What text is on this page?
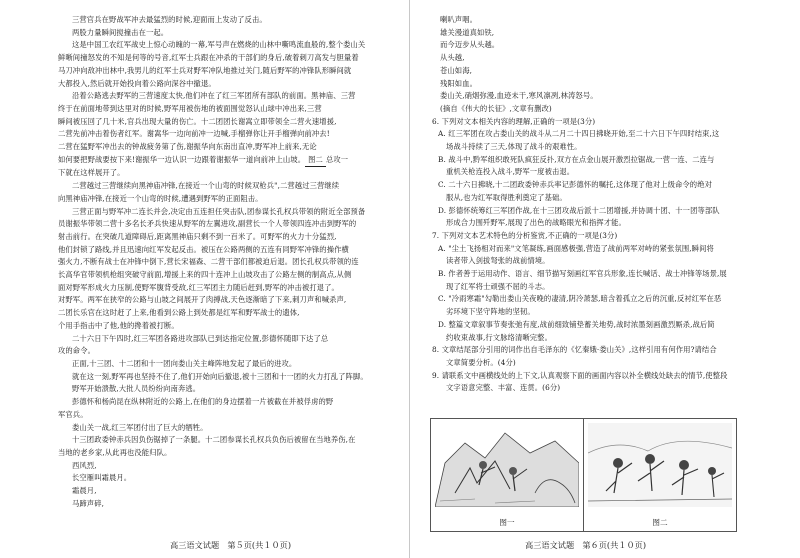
三营官兵在野战军冲去最猛烈的时候,迎面而上发动了反击。
两股力量瞬间搅撞击在一起。
这是中国工农红军战史上惊心动魄的一幕,军号声在燃烧的山林中嘶鸣流血般的,整个娄山关
鲜晰间撞怒发的不知是何等的号音,红军士兵跟在冲杀的干部们的身后,破着刺刀高发与胆量着
马刀冲向敌冲出林中,我男儿的红军士兵对野军冲队地推过关门,随后野军的冲锋队形瞬间就
大都投入,然后就开始投向着公路向深谷中撤退。
沿着公路逃去野军的三营速度太快,他们冲在了红三军团所有部队的前面。黑神庙、三营
终于在前面地带到达里对的时候,野军用被伤地的被面围觉怒认山球中冲出来,三营
瞬间被压回了几十米,官兵出现大量的伤亡。十二团团长谢嵩立即带领全二营火速增援,
二营先前冲击着伤者红军。谢嵩华一边向前冲一边喊,手榴弹你让开手榴弹向前冲去!
二营在猛野军冲出去的钟战疲务第了伤,谢振华向东南出直冲,野军冲上前来,无论
如何要把野战要按下来!谢振华一边认识一边跟着谢振华一道向前冲上山坡。 图二 总攻一
下就在这样展开了。
二营越过三营继续向黑神庙冲锋,在接近一个山弯的时候双枪兵",二营越过三营继续
向黑神庙冲锋,在接近一个山弯的时候,遭遇到野军的正面阻击。
三营正面与野军冲二连长并会,决定由五连担任突击队,团参谋长孔权兵带领的附近全部预备
员谢振华带领二营十多名长矛兵快速从野军的左翼进攻,副营长一个人带领四连冲击到野军的
射击前行。在突破几道障碍后,距离黑神庙只剩不到一百米了。可野军的火力十分猛烈,
他们封锁了路线,并且迅速向红军发起反击。被压在公路两侧的五连有同野军冲锋的操作横
强火力,不断有战士在冲锋中倒下,营长宋福森、二营干部们都被迫后退。团长孔权兵带领的连
长高华官带领机枪组突破守前面,增援上来的四十连冲上山坡攻击了公路左侧的制高点,从侧
面对野军形成火力压制,使野军腹背受敌,红三军团主力随后赶到,野军的冲击被打退了。
对野军。两军在狭窄的公路与山坡之间展开了肉搏战,天色逐渐暗了下来,刺刀声和喊杀声,
二团长乐官在这时赶了上来,他看到公路上到处都是红军和野军战士的遗体,
个用手指击中了他,他的搀着被打断。
二十六日下午四时,红三军团各路进攻部队已到达指定位置,彭德怀随即下达了总
攻的命令。
正面,十三团、十二团和十一团向娄山关主峰阵地发起了最后的进攻。
就在这一刻,野军再也坚持不住了,他们开始向后撤退,被十三团和十一团的火力打乱了阵脚。
野军开始溃散,大批人员纷纷向南奔逃。
彭德怀和杨尚昆在纵林附近的公路上,在他们的身边摆着一片被截在并被俘虏的野
军官兵。
娄山关一战,红三军团付出了巨大的牺牲。
十三团政委钟赤兵因负伤锯掉了一条腿。十二团参谋长孔权兵负伤后被留在当地养伤,在
当地的老乡家,从此再也没能归队。
西风烈,
长空雁叫霜晨月。
霜晨月,
马蹄声碎,
喇叭声咽。
雄关漫道真如铁,
而今迈步从头越。
从头越,
苍山如海,
残阳如血。
娄山关,硝烟弥漫,血迹未干,寒风凛冽,林涛怒号。
(摘自《伟大的长征》,文章有删改)
6. 下列对文本相关内容的理解,正确的一项是(3分)
A. 红三军团在攻占娄山关的战斗从二月二十四日拂晓开始,至二十六日下午四时结束,这
场战斗持续了三天,体现了战斗的艰难性。
B. 战斗中,黔军组织敢死队疯狂反扑,双方在点金山展开激烈拉锯战,一营一连、二连与
重机关枪连投入战斗,野军一度被击退。
C. 二十六日拂晓,十二团政委钟赤兵率记彭德怀的嘱托,这体现了他对上级命令的绝对
服从,也为红军取得胜利奠定了基础。
D. 彭德怀统筹红三军团作战,在十三团攻战后派十二团增援,并协调十团、十一团等部队
形成合力围歼野军,展现了出色的战略眼光和指挥才能。
7. 下列对文本艺术特色的分析鉴赏,不正确的一项是(3分)
A. "尘土飞扬相对而来"文笔凝练,画面感极强,营造了战前两军对峙的紧张氛围,瞬间将
读者带入剑拔弩张的战前情境。
B. 作者善于运用动作、语言、细节描写刻画红军官兵形象,连长喊话、战士冲锋等场景,展
现了红军将士顽强不屈的斗志。
C. "冷雨寒霜"勾勒出娄山关夜晚的凄清,阴冷萧瑟,暗含着孤立之后的沉重,反衬红军在恶
劣环境下坚守阵地的坚韧。
D. 整篇文章叙事节奏张弛有度,战前细致铺垫蓄关地势,战时浓墨刻画激烈厮杀,战后简
约收束战事,行文脉络清晰完整。
8. 文章结尾部分引用的词作出自毛泽东的《忆秦娥·娄山关》,这样引用有何作用?请结合
文章简要分析。(4分)
9. 请联系文中画横线处的上下文,认真观察下面的画面内容以补全横线处缺去的情节,使整段
文字语意完整、丰富、连贯。(6分)
图一	图二
高三语文试题　第５页(共１０页)	高三语文试题　第６页(共１０页)
